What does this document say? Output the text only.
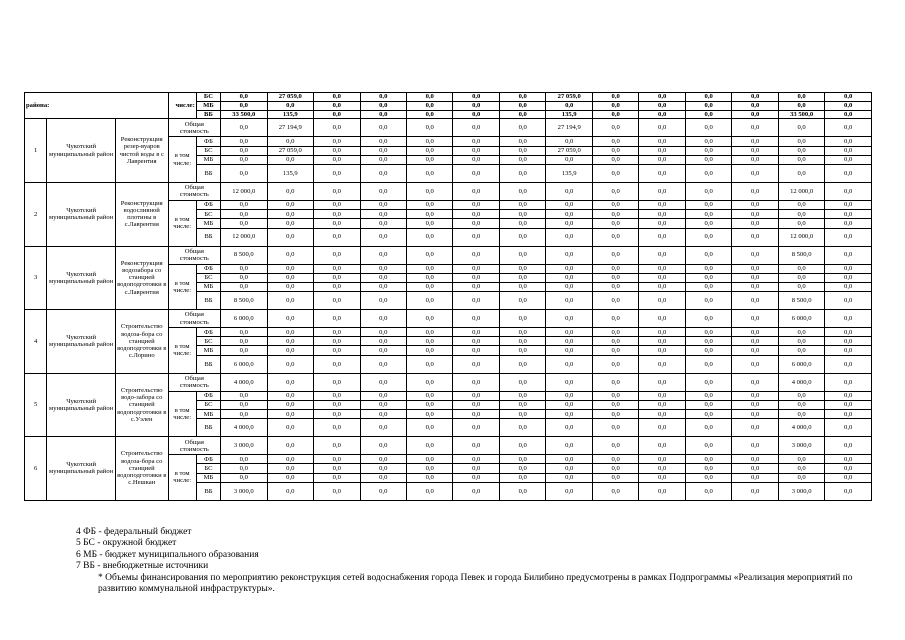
района:			числе:	БС	0,0	27 059,0	0,0	0,0	0,0	0,0	0,0	27 059,0	0,0	0,0	0,0	0,0	0,0	0,0
				МБ	0,0	0,0	0,0	0,0	0,0	0,0	0,0	0,0	0,0	0,0	0,0	0,0	0,0	0,0
				ВБ	33 500,0	135,9	0,0	0,0	0,0	0,0	0,0	135,9	0,0	0,0	0,0	0,0	33 500,0	0,0
1	Чукотский муниципальный район	Реконструкция резер-вуаров чистой воды в с Лаврентия	Общая стоимость		0,0	27 194,9	0,0	0,0	0,0	0,0	0,0	27 194,9	0,0	0,0	0,0	0,0	0,0	0,0
			в том числе:	ФБ	0,0	0,0	0,0	0,0	0,0	0,0	0,0	0,0	0,0	0,0	0,0	0,0	0,0	0,0
				БС	0,0	27 059,0	0,0	0,0	0,0	0,0	0,0	27 059,0	0,0	0,0	0,0	0,0	0,0	0,0
				МБ	0,0	0,0	0,0	0,0	0,0	0,0	0,0	0,0	0,0	0,0	0,0	0,0	0,0	0,0
				ВБ	0,0	135,9	0,0	0,0	0,0	0,0	0,0	135,9	0,0	0,0	0,0	0,0	0,0	0,0
2	Чукотский муниципальный район	Реконструкция водосливной плотины в с.Лаврентия	Общая стоимость		12 000,0	0,0	0,0	0,0	0,0	0,0	0,0	0,0	0,0	0,0	0,0	0,0	12 000,0	0,0
			в том числе:	ФБ	0,0	0,0	0,0	0,0	0,0	0,0	0,0	0,0	0,0	0,0	0,0	0,0	0,0	0,0
				БС	0,0	0,0	0,0	0,0	0,0	0,0	0,0	0,0	0,0	0,0	0,0	0,0	0,0	0,0
				МБ	0,0	0,0	0,0	0,0	0,0	0,0	0,0	0,0	0,0	0,0	0,0	0,0	0,0	0,0
				ВБ	12 000,0	0,0	0,0	0,0	0,0	0,0	0,0	0,0	0,0	0,0	0,0	0,0	12 000,0	0,0
3	Чукотский муниципальный район	Реконструкция водозабора со станцией водоподготовки в с.Лаврентия	Общая стоимость		8 500,0	0,0	0,0	0,0	0,0	0,0	0,0	0,0	0,0	0,0	0,0	0,0	8 500,0	0,0
			в том числе:	ФБ	0,0	0,0	0,0	0,0	0,0	0,0	0,0	0,0	0,0	0,0	0,0	0,0	0,0	0,0
				БС	0,0	0,0	0,0	0,0	0,0	0,0	0,0	0,0	0,0	0,0	0,0	0,0	0,0	0,0
				МБ	0,0	0,0	0,0	0,0	0,0	0,0	0,0	0,0	0,0	0,0	0,0	0,0	0,0	0,0
				ВБ	8 500,0	0,0	0,0	0,0	0,0	0,0	0,0	0,0	0,0	0,0	0,0	0,0	8 500,0	0,0
4	Чукотский муниципальный район	Строительство водоза-бора со станцией водоподготовки в с.Лорино	Общая стоимость		6 000,0	0,0	0,0	0,0	0,0	0,0	0,0	0,0	0,0	0,0	0,0	0,0	6 000,0	0,0
			в том числе:	ФБ	0,0	0,0	0,0	0,0	0,0	0,0	0,0	0,0	0,0	0,0	0,0	0,0	0,0	0,0
				БС	0,0	0,0	0,0	0,0	0,0	0,0	0,0	0,0	0,0	0,0	0,0	0,0	0,0	0,0
				МБ	0,0	0,0	0,0	0,0	0,0	0,0	0,0	0,0	0,0	0,0	0,0	0,0	0,0	0,0
				ВБ	6 000,0	0,0	0,0	0,0	0,0	0,0	0,0	0,0	0,0	0,0	0,0	0,0	6 000,0	0,0
5	Чукотский муниципальный район	Строительство водо-забора со станцией водоподготовки в с.Уэлен	Общая стоимость		4 000,0	0,0	0,0	0,0	0,0	0,0	0,0	0,0	0,0	0,0	0,0	0,0	4 000,0	0,0
			в том числе:	ФБ	0,0	0,0	0,0	0,0	0,0	0,0	0,0	0,0	0,0	0,0	0,0	0,0	0,0	0,0
				БС	0,0	0,0	0,0	0,0	0,0	0,0	0,0	0,0	0,0	0,0	0,0	0,0	0,0	0,0
				МБ	0,0	0,0	0,0	0,0	0,0	0,0	0,0	0,0	0,0	0,0	0,0	0,0	0,0	0,0
				ВБ	4 000,0	0,0	0,0	0,0	0,0	0,0	0,0	0,0	0,0	0,0	0,0	0,0	4 000,0	0,0
6	Чукотский муниципальный район	Строительство водоза-бора со станцией водоподготовки в с.Нешкан	Общая стоимость		3 000,0	0,0	0,0	0,0	0,0	0,0	0,0	0,0	0,0	0,0	0,0	0,0	3 000,0	0,0
			в том числе:	ФБ	0,0	0,0	0,0	0,0	0,0	0,0	0,0	0,0	0,0	0,0	0,0	0,0	0,0	0,0
				БС	0,0	0,0	0,0	0,0	0,0	0,0	0,0	0,0	0,0	0,0	0,0	0,0	0,0	0,0
				МБ	0,0	0,0	0,0	0,0	0,0	0,0	0,0	0,0	0,0	0,0	0,0	0,0	0,0	0,0
				ВБ	3 000,0	0,0	0,0	0,0	0,0	0,0	0,0	0,0	0,0	0,0	0,0	0,0	3 000,0	0,0
4 ФБ - федеральный бюджет
5 БС - окружной бюджет
6 МБ - бюджет муниципального образования
7 ВБ - внебюджетные источники
* Объемы финансирования по мероприятию реконструкция сетей водоснабжения города Певек и города Билибино предусмотрены в рамках Подпрограммы «Реализация мероприятий по развитию коммунальной инфраструктуры».
